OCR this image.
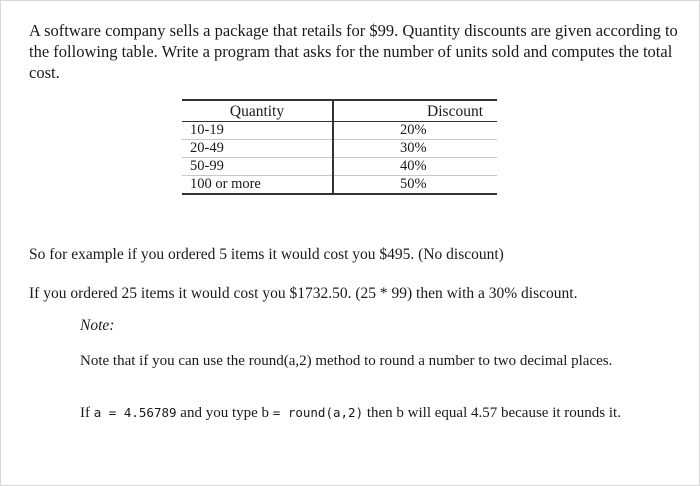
A software company sells a package that retails for $99. Quantity discounts are given according to the following table. Write a program that asks for the number of units sold and computes the total cost.

Quantity	Discount
10-19	20%
20-49	30%
50-99	40%
100 or more	50%

So for example if you ordered 5 items it would cost you $495. (No discount)

If you ordered 25 items it would cost you $1732.50. (25 * 99) then with a 30% discount.

Note:

Note that if you can use the round(a,2) method to round a number to two decimal places.

If a = 4.56789 and you type b = round(a,2) then b will equal 4.57 because it rounds it.
